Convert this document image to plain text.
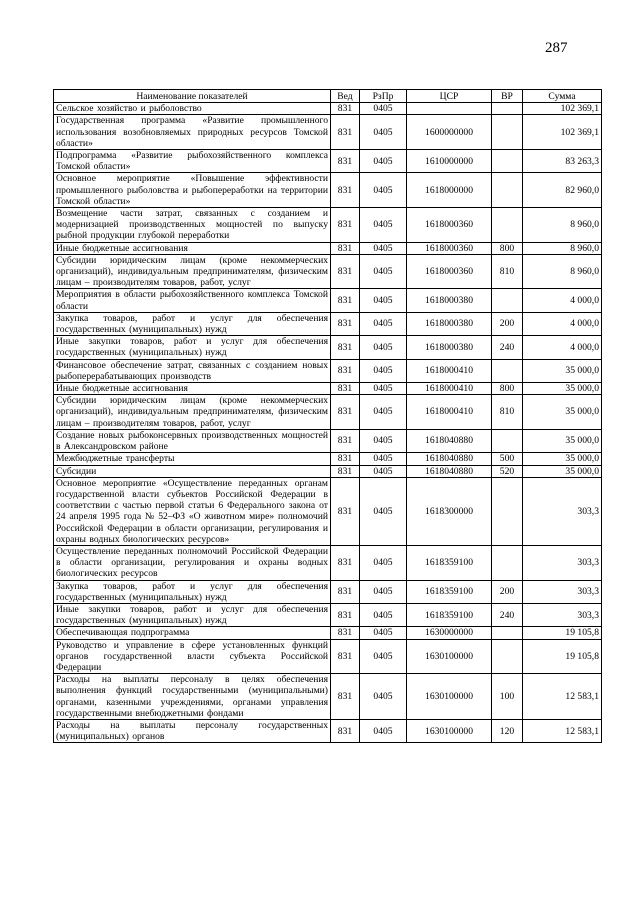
287
Наименование показателей	Вед	РзПр	ЦСР	ВР	Сумма
Сельское хозяйство и рыболовство	831	0405			102 369,1
Государственная программа «Развитие промышленного использования возобновляемых природных ресурсов Томской области»	831	0405	1600000000		102 369,1
Подпрограмма «Развитие рыбохозяйственного комплекса Томской области»	831	0405	1610000000		83 263,3
Основное мероприятие «Повышение эффективности промышленного рыболовства и рыбопереработки на территории Томской области»	831	0405	1618000000		82 960,0
Возмещение части затрат, связанных с созданием и модернизацией производственных мощностей по выпуску рыбной продукции глубокой переработки	831	0405	1618000360		8 960,0
Иные бюджетные ассигнования	831	0405	1618000360	800	8 960,0
Субсидии юридическим лицам (кроме некоммерческих организаций), индивидуальным предпринимателям, физическим лицам – производителям товаров, работ, услуг	831	0405	1618000360	810	8 960,0
Мероприятия в области рыбохозяйственного комплекса Томской области	831	0405	1618000380		4 000,0
Закупка товаров, работ и услуг для обеспечения государственных (муниципальных) нужд	831	0405	1618000380	200	4 000,0
Иные закупки товаров, работ и услуг для обеспечения государственных (муниципальных) нужд	831	0405	1618000380	240	4 000,0
Финансовое обеспечение затрат, связанных с созданием новых рыбоперерабатывающих производств	831	0405	1618000410		35 000,0
Иные бюджетные ассигнования	831	0405	1618000410	800	35 000,0
Субсидии юридическим лицам (кроме некоммерческих организаций), индивидуальным предпринимателям, физическим лицам – производителям товаров, работ, услуг	831	0405	1618000410	810	35 000,0
Создание новых рыбоконсервных производственных мощностей в Александровском районе	831	0405	1618040880		35 000,0
Межбюджетные трансферты	831	0405	1618040880	500	35 000,0
Субсидии	831	0405	1618040880	520	35 000,0
Основное мероприятие «Осуществление переданных органам государственной власти субъектов Российской Федерации в соответствии с частью первой статьи 6 Федерального закона от 24 апреля 1995 года № 52–ФЗ «О животном мире» полномочий Российской Федерации в области организации, регулирования и охраны водных биологических ресурсов»	831	0405	1618300000		303,3
Осуществление переданных полномочий Российской Федерации в области организации, регулирования и охраны водных биологических ресурсов	831	0405	1618359100		303,3
Закупка товаров, работ и услуг для обеспечения государственных (муниципальных) нужд	831	0405	1618359100	200	303,3
Иные закупки товаров, работ и услуг для обеспечения государственных (муниципальных) нужд	831	0405	1618359100	240	303,3
Обеспечивающая подпрограмма	831	0405	1630000000		19 105,8
Руководство и управление в сфере установленных функций органов государственной власти субъекта Российской Федерации	831	0405	1630100000		19 105,8
Расходы на выплаты персоналу в целях обеспечения выполнения функций государственными (муниципальными) органами, казенными учреждениями, органами управления государственными внебюджетными фондами	831	0405	1630100000	100	12 583,1
Расходы на выплаты персоналу государственных (муниципальных) органов	831	0405	1630100000	120	12 583,1
